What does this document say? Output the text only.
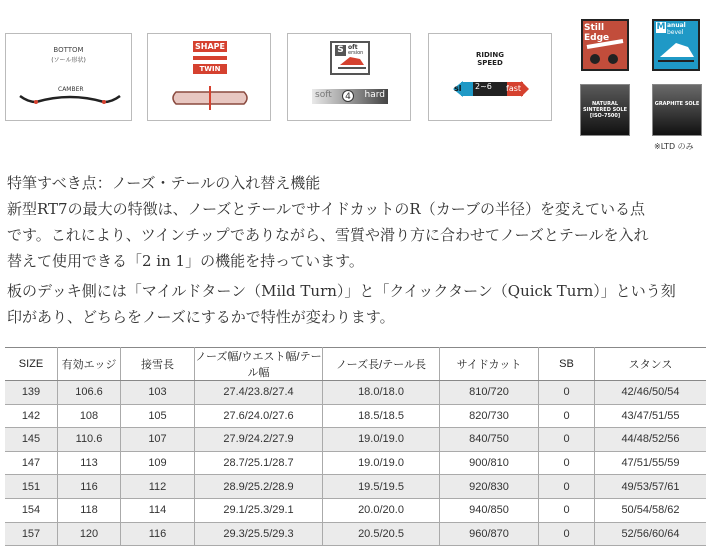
BOTTOM
(ソール形状)
CAMBER
SHAPE
TWIN
S oft
ersion
soft	4	hard
RIDING
SPEED
sl 2~6 fast
Still Edge
M anual
bevel
NATURAL SINTERED SOLE [ISO-7500]
GRAPHITE SOLE
※LTD のみ
特筆すべき点：ノーズ・テールの入れ替え機能
新型RT7の最大の特徴は、ノーズとテールでサイドカットのR（カーブの半径）を変えている点
です。これにより、ツインチップでありながら、雪質や滑り方に合わせてノーズとテールを入れ
替えて使用できる「2 in 1」の機能を持っています。
板のデッキ側には「マイルドターン（Mild Turn）」と「クイックターン（Quick Turn）」という刻
印があり、どちらをノーズにするかで特性が変わります。
SIZE	有効エッジ	接雪長	ノーズ幅/ウエスト幅/テール幅	ノーズ長/テール長	サイドカット	SB	スタンス
139	106.6	103	27.4/23.8/27.4	18.0/18.0	810/720	0	42/46/50/54
142	108	105	27.6/24.0/27.6	18.5/18.5	820/730	0	43/47/51/55
145	110.6	107	27.9/24.2/27.9	19.0/19.0	840/750	0	44/48/52/56
147	113	109	28.7/25.1/28.7	19.0/19.0	900/810	0	47/51/55/59
151	116	112	28.9/25.2/28.9	19.5/19.5	920/830	0	49/53/57/61
154	118	114	29.1/25.3/29.1	20.0/20.0	940/850	0	50/54/58/62
157	120	116	29.3/25.5/29.3	20.5/20.5	960/870	0	52/56/60/64
